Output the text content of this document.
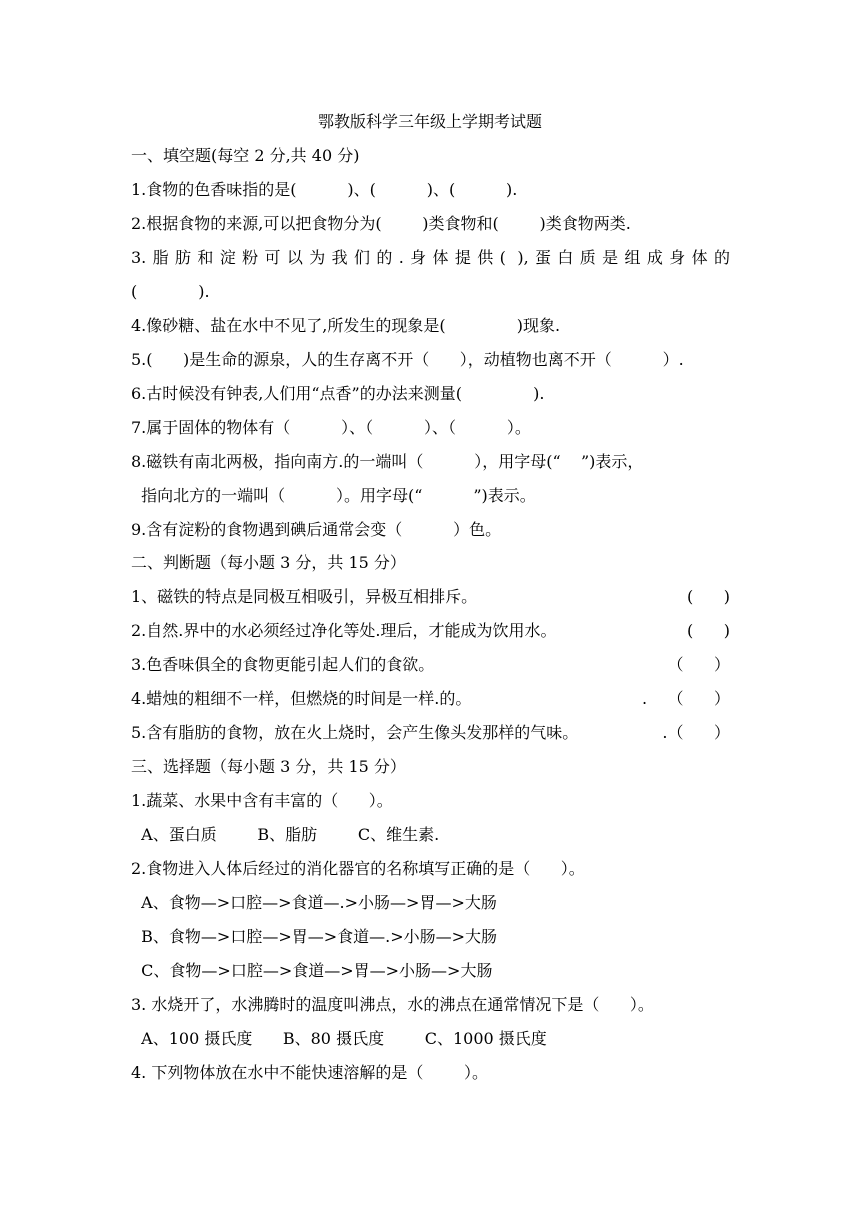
鄂教版科学三年级上学期考试题
一、填空题(每空 2 分,共 40 分)
1.食物的色香味指的是(          )、(          )、(          ).
2.根据食物的来源,可以把食物分为(        )类食物和(        )类食物两类.
3.脂肪和淀粉可以为我们的.身体提供( ),蛋白质是组成身体的
(            ).
4.像砂糖、盐在水中不见了,所发生的现象是(              )现象.
5.(      )是生命的源泉，人的生存离不开（      ），动植物也离不开（          ）.
6.古时候没有钟表,人们用“点香”的办法来测量(              ).
7.属于固体的物体有（          ）、（          ）、（          ）。
8.磁铁有南北两极，指向南方.的一端叫（          ），用字母(“    ”)表示，
指向北方的一端叫（          ）。用字母(“          ”)表示。
9.含有淀粉的食物遇到碘后通常会变（          ）色。
二、判断题（每小题 3 分，共 15 分）
1、磁铁的特点是同极互相吸引，异极互相排斥。	(      )
2.自然.界中的水必须经过净化等处.理后，才能成为饮用水。	(      )
3.色香味俱全的食物更能引起人们的食欲。	（      ）
4.蜡烛的粗细不一样，但燃烧的时间是一样.的。	.    （      ）
5.含有脂肪的食物，放在火上烧时，会产生像头发那样的气味。	.（      ）
三、选择题（每小题 3 分，共 15 分）
1.蔬菜、水果中含有丰富的（      ）。
A、蛋白质        B、脂肪        C、维生素.
2.食物进入人体后经过的消化器官的名称填写正确的是（      ）。
A、食物—>口腔—>食道—.>小肠—>胃—>大肠
B、食物—>口腔—>胃—>食道—.>小肠—>大肠
C、食物—>口腔—>食道—>胃—>小肠—>大肠
3. 水烧开了，水沸腾时的温度叫沸点，水的沸点在通常情况下是（      ）。
A、100 摄氏度      B、80 摄氏度        C、1000 摄氏度
4. 下列物体放在水中不能快速溶解的是（        ）。
